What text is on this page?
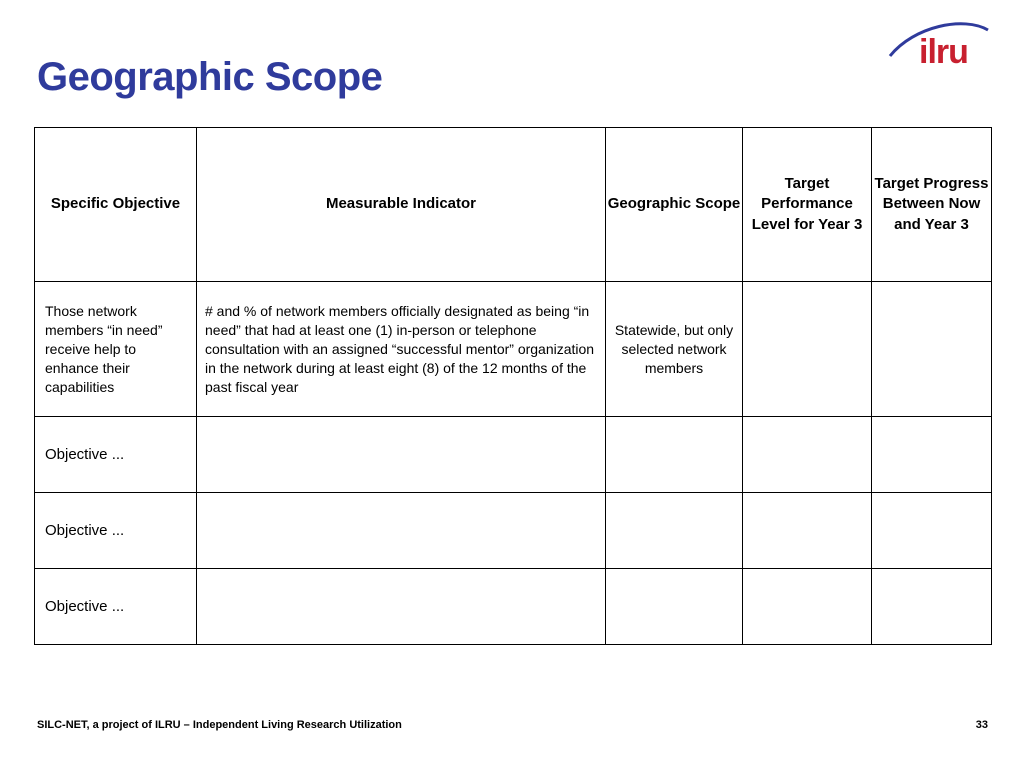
Geographic Scope
ilru
Specific Objective	Measurable Indicator	Geographic Scope	Target Performance Level for Year 3	Target Progress Between Now and Year 3
Those network members “in need” receive help to enhance their capabilities	# and % of network members officially designated as being “in need” that had at least one (1) in-person or telephone consultation with an assigned “successful mentor” organization in the network during at least eight (8) of the 12 months of the past fiscal year	Statewide, but only selected network members		
Objective ...				
Objective ...				
Objective ...				
SILC-NET, a project of ILRU – Independent Living Research Utilization	33
